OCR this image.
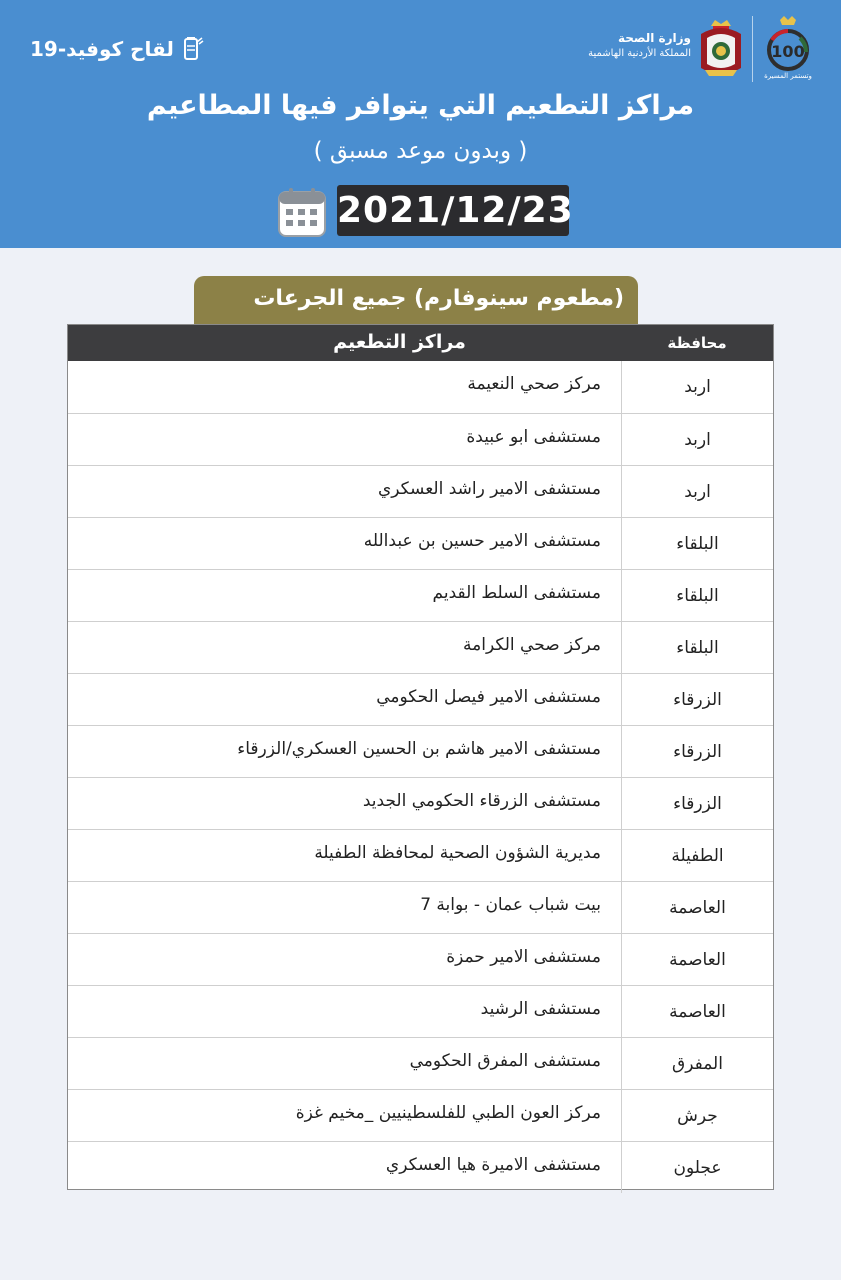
لقاح كوفيد-19	وزارة الصحة
المملكة الأردنية الهاشمية	100
وتستمر المسيرة
مراكز التطعيم التي يتوافر فيها المطاعيم
( وبدون موعد مسبق )
2021/12/23
(مطعوم سينوفارم) جميع الجرعات
محافظة
مراكز التطعيم
اربد
مركز صحي النعيمة
اربد
مستشفى ابو عبيدة
اربد
مستشفى الامير راشد العسكري
البلقاء
مستشفى الامير حسين بن عبدالله
البلقاء
مستشفى السلط القديم
البلقاء
مركز صحي الكرامة
الزرقاء
مستشفى الامير فيصل الحكومي
الزرقاء
مستشفى الامير هاشم بن الحسين العسكري/الزرقاء
الزرقاء
مستشفى الزرقاء الحكومي الجديد
الطفيلة
مديرية الشؤون الصحية لمحافظة الطفيلة
العاصمة
بيت شباب عمان - بوابة 7
العاصمة
مستشفى الامير حمزة
العاصمة
مستشفى الرشيد
المفرق
مستشفى المفرق الحكومي
جرش
مركز العون الطبي للفلسطينيين _مخيم غزة
عجلون
مستشفى الاميرة هيا العسكري
